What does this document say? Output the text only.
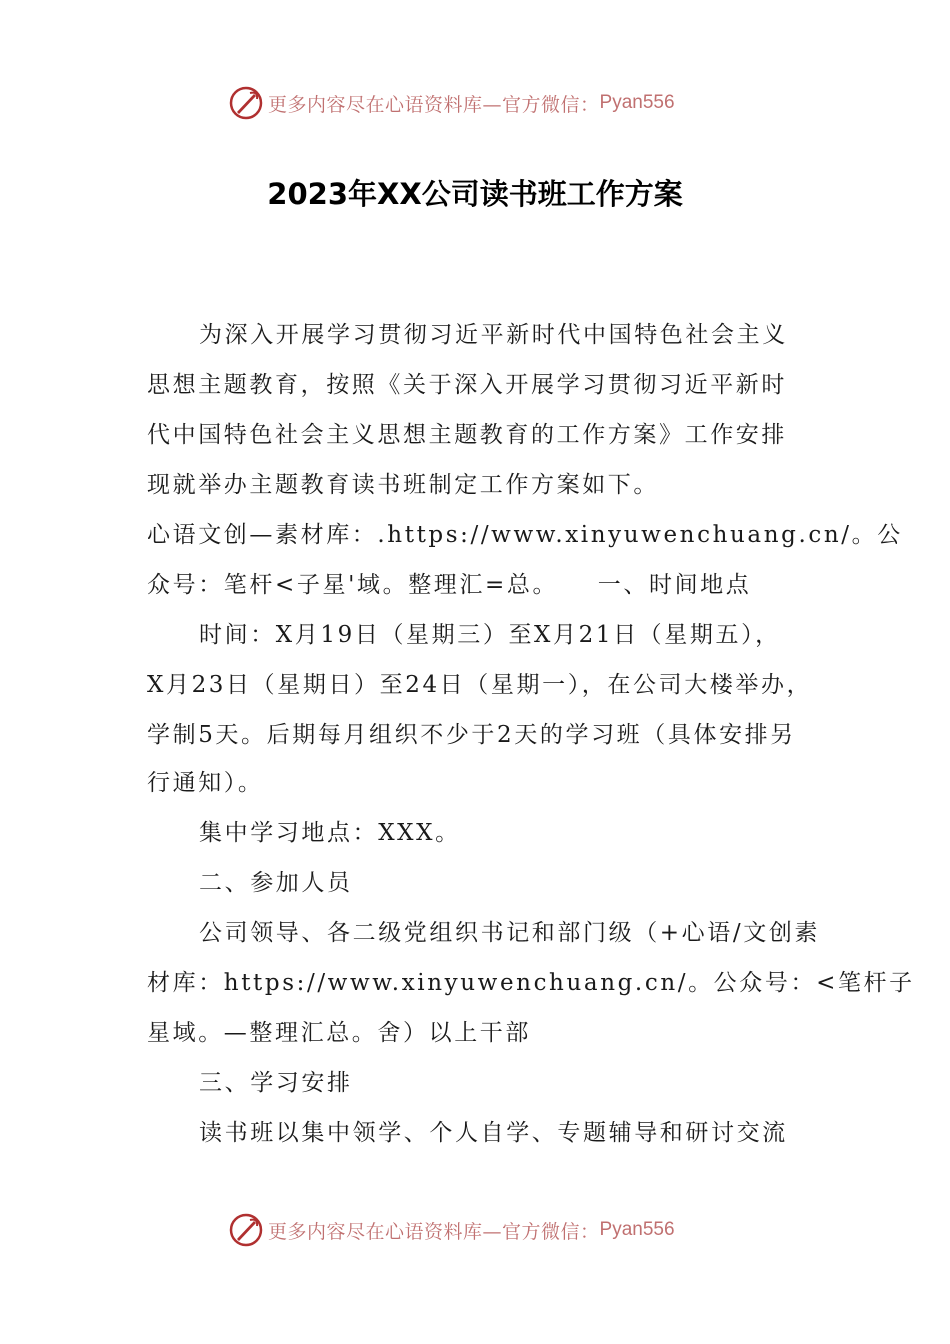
更多内容尽在心语资料库—官方微信： Pyan556
2023年XX公司读书班工作方案
为深入开展学习贯彻习近平新时代中国特色社会主义
思想主题教育，按照《关于深入开展学习贯彻习近平新时
代中国特色社会主义思想主题教育的工作方案》工作安排
现就举办主题教育读书班制定工作方案如下。
心语文创—素材库：.https://www.xinyuwenchuang.cn/。公
众号：笔杆<子星'域。整理汇=总。　　一、时间地点
时间：X月19日（星期三）至X月21日（星期五），
X月23日（星期日）至24日（星期一），在公司大楼举办，
学制5天。后期每月组织不少于2天的学习班（具体安排另
行通知）。
集中学习地点：XXX。
二、参加人员
公司领导、各二级党组织书记和部门级（+心语/文创素
材库：https://www.xinyuwenchuang.cn/。公众号：<笔杆子
星域。—整理汇总。舍）以上干部
三、学习安排
读书班以集中领学、个人自学、专题辅导和研讨交流
更多内容尽在心语资料库—官方微信： Pyan556
